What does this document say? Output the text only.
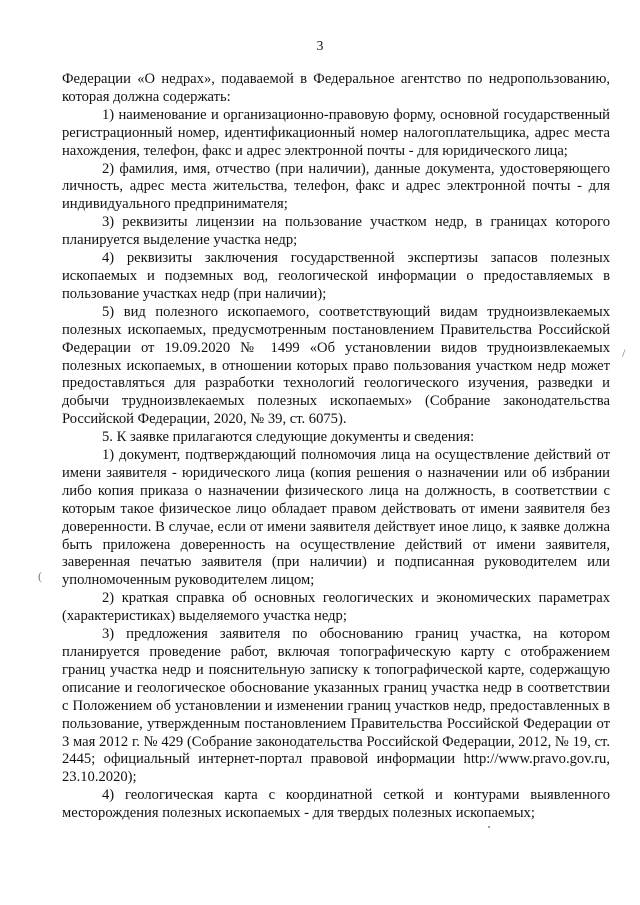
3

Федерации «О недрах», подаваемой в Федеральное агентство по недропользованию, которая должна содержать:

1) наименование и организационно-правовую форму, основной государственный регистрационный номер, идентификационный номер налогоплательщика, адрес места нахождения, телефон, факс и адрес электронной почты - для юридического лица;

2) фамилия, имя, отчество (при наличии), данные документа, удостоверяющего личность, адрес места жительства, телефон, факс и адрес электронной почты - для индивидуального предпринимателя;

3) реквизиты лицензии на пользование участком недр, в границах которого планируется выделение участка недр;

4) реквизиты заключения государственной экспертизы запасов полезных ископаемых и подземных вод, геологической информации о предоставляемых в пользование участках недр (при наличии);

5) вид полезного ископаемого, соответствующий видам трудноизвлекаемых полезных ископаемых, предусмотренным постановлением Правительства Российской Федерации от 19.09.2020 № 1499 «Об установлении видов трудноизвлекаемых полезных ископаемых, в отношении которых право пользования участком недр может предоставляться для разработки технологий геологического изучения, разведки и добычи трудноизвлекаемых полезных ископаемых» (Собрание законодательства Российской Федерации, 2020, № 39, ст. 6075).

5. К заявке прилагаются следующие документы и сведения:

1) документ, подтверждающий полномочия лица на осуществление действий от имени заявителя - юридического лица (копия решения о назначении или об избрании либо копия приказа о назначении физического лица на должность, в соответствии с которым такое физическое лицо обладает правом действовать от имени заявителя без доверенности. В случае, если от имени заявителя действует иное лицо, к заявке должна быть приложена доверенность на осуществление действий от имени заявителя, заверенная печатью заявителя (при наличии) и подписанная руководителем или уполномоченным руководителем лицом;

2) краткая справка об основных геологических и экономических параметрах (характеристиках) выделяемого участка недр;

3) предложения заявителя по обоснованию границ участка, на котором планируется проведение работ, включая топографическую карту с отображением границ участка недр и пояснительную записку к топографической карте, содержащую описание и геологическое обоснование указанных границ участка недр в соответствии с Положением об установлении и изменении границ участков недр, предоставленных в пользование, утвержденным постановлением Правительства Российской Федерации от 3 мая 2012 г. № 429 (Собрание законодательства Российской Федерации, 2012, № 19, ст. 2445; официальный интернет-портал правовой информации http://www.pravo.gov.ru, 23.10.2020);

4) геологическая карта с координатной сеткой и контурами выявленного месторождения полезных ископаемых - для твердых полезных ископаемых;

/
(
